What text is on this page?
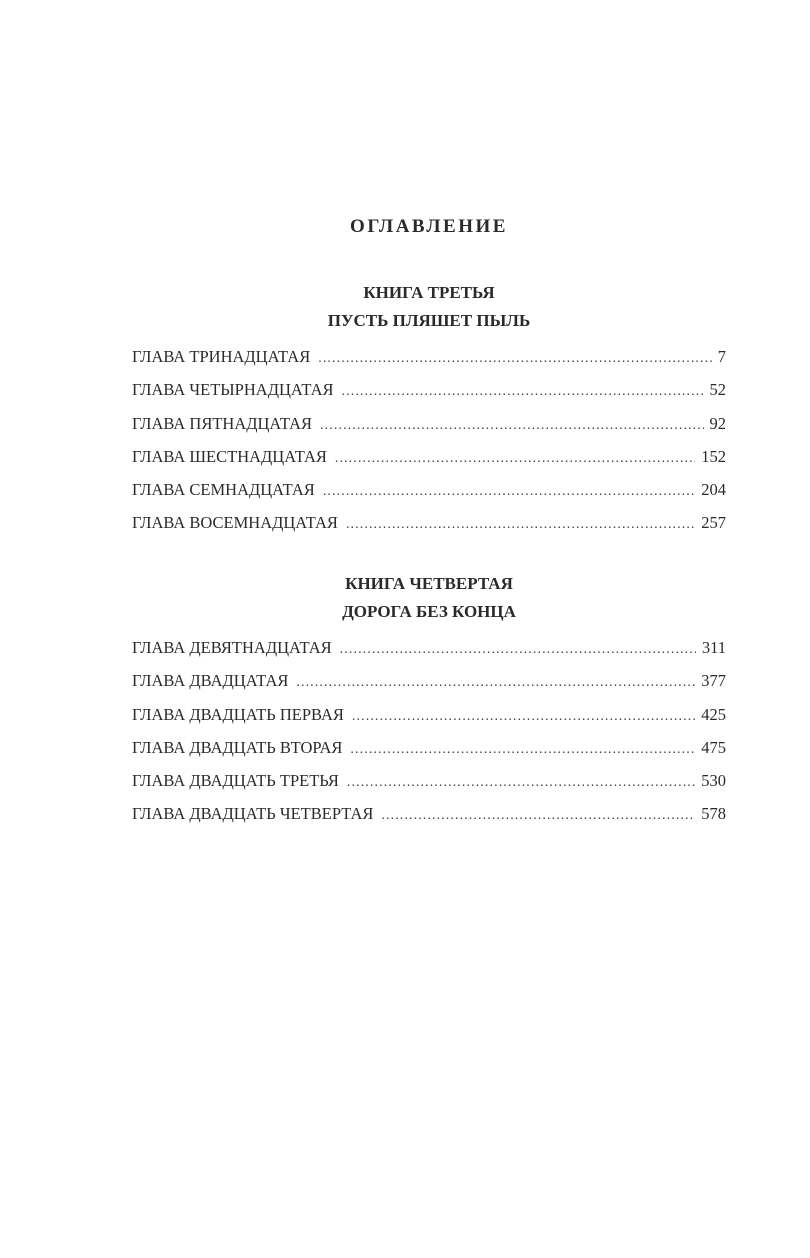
ОГЛАВЛЕНИЕ
КНИГА ТРЕТЬЯ
ПУСТЬ ПЛЯШЕТ ПЫЛЬ
ГЛАВА ТРИНАДЦАТАЯ . . .	7
ГЛАВА ЧЕТЫРНАДЦАТАЯ . . .	52
ГЛАВА ПЯТНАДЦАТАЯ . . .	92
ГЛАВА ШЕСТНАДЦАТАЯ . . .	152
ГЛАВА СЕМНАДЦАТАЯ . . .	204
ГЛАВА ВОСЕМНАДЦАТАЯ . . .	257
КНИГА ЧЕТВЕРТАЯ
ДОРОГА БЕЗ КОНЦА
ГЛАВА ДЕВЯТНАДЦАТАЯ . . .	311
ГЛАВА ДВАДЦАТАЯ . . .	377
ГЛАВА ДВАДЦАТЬ ПЕРВАЯ . . .	425
ГЛАВА ДВАДЦАТЬ ВТОРАЯ . . .	475
ГЛАВА ДВАДЦАТЬ ТРЕТЬЯ . . .	530
ГЛАВА ДВАДЦАТЬ ЧЕТВЕРТАЯ . . .	578
